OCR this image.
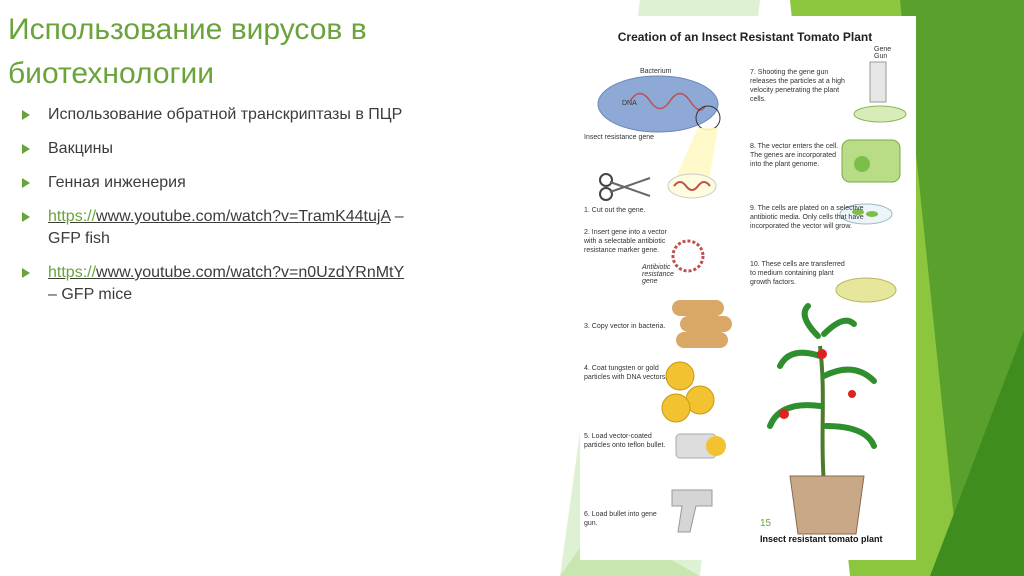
Использование вирусов в
биотехнологии
Использование обратной транскриптазы в ПЦР
Вакцины
Генная инженерия
https://www.youtube.com/watch?v=TramK44tujA –
GFP fish
https://www.youtube.com/watch?v=n0UzdYRnMtY
– GFP mice
Creation of an Insect Resistant Tomato Plant
Bacterium
DNA
Insect resistance gene
Antibiotic resistance gene
Gene Gun
1. Cut out the gene.
2. Insert gene into a vector with a selectable antibiotic resistance marker gene.
3. Copy vector in bacteria.
4. Coat tungsten or gold particles with DNA vectors.
5. Load vector-coated particles onto teflon bullet.
6. Load bullet into gene gun.
7. Shooting the gene gun releases the particles at a high velocity penetrating the plant cells.
8. The vector enters the cell. The genes are incorporated into the plant genome.
9. The cells are plated on a selective antibiotic media. Only cells that have incorporated the vector will grow.
10. These cells are transferred to medium containing plant growth factors.
15
Insect resistant tomato plant
